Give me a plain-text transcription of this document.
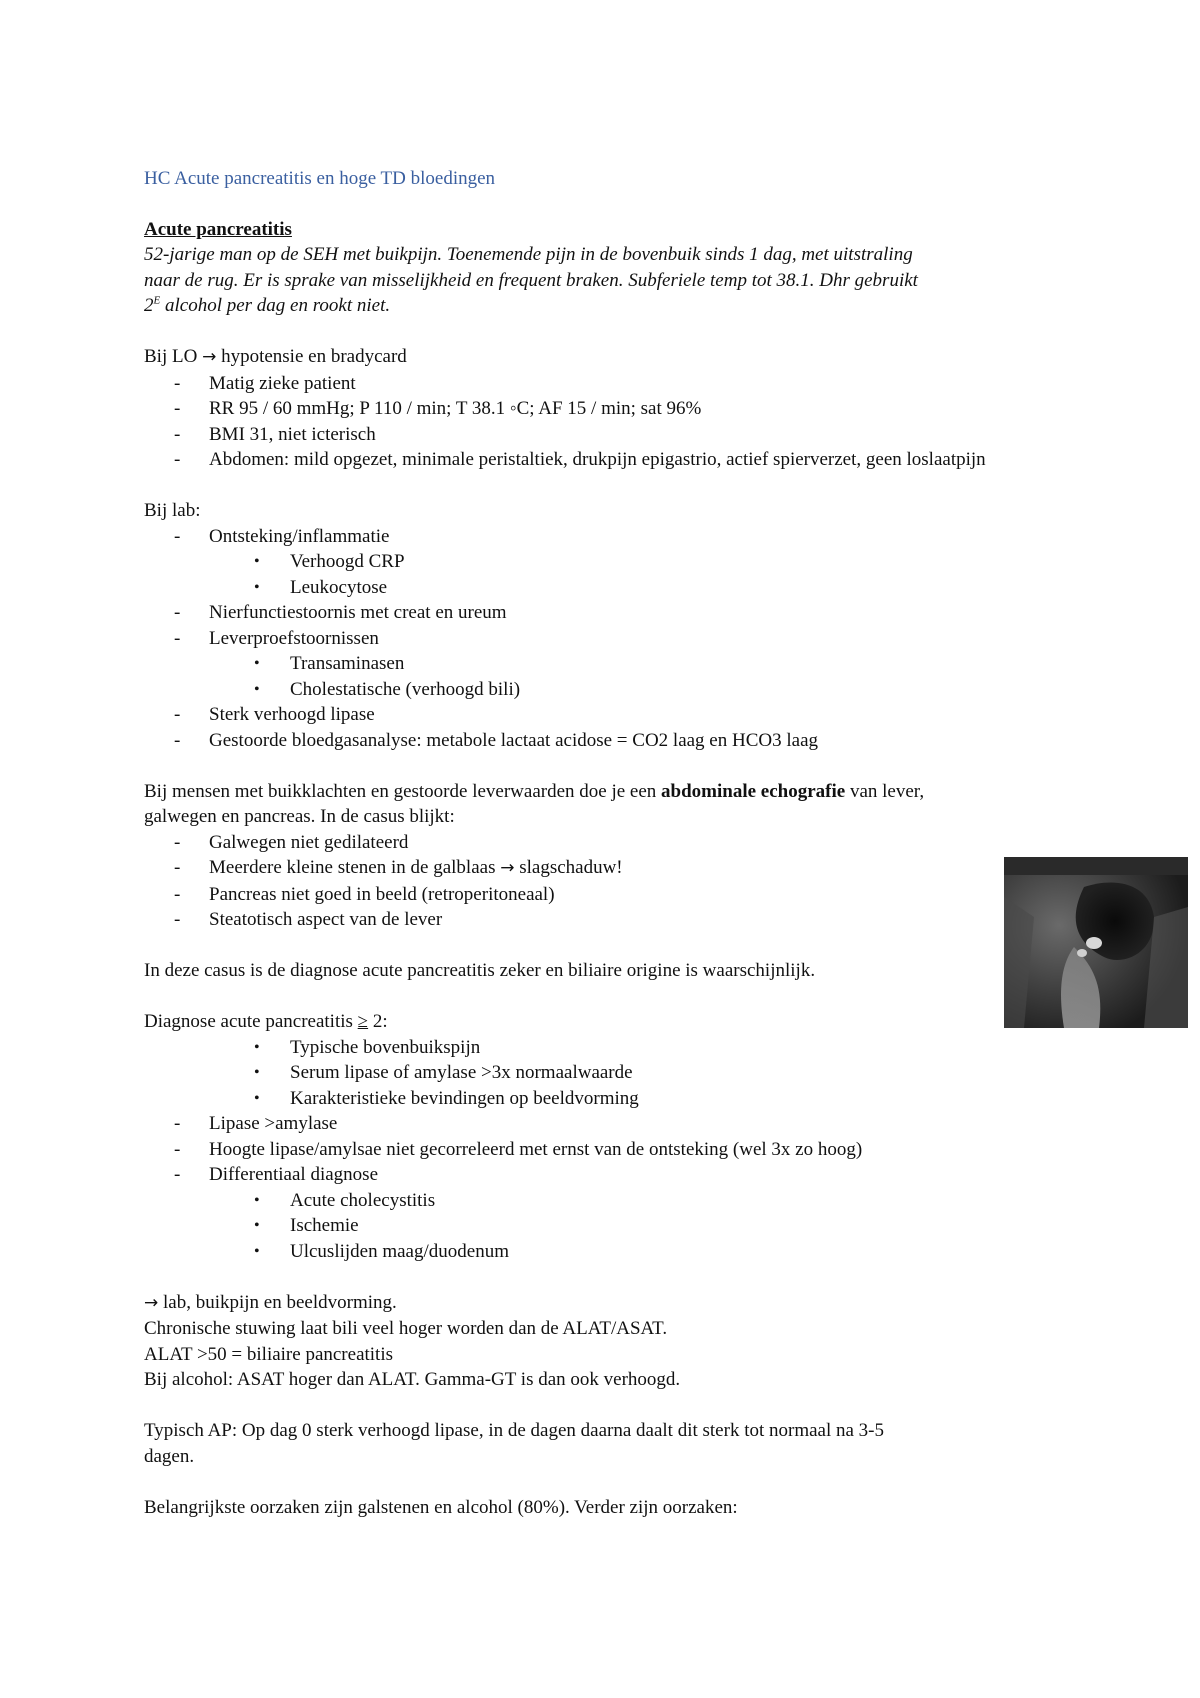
HC Acute pancreatitis en hoge TD bloedingen

Acute pancreatitis

52-jarige man op de SEH met buikpijn. Toenemende pijn in de bovenbuik sinds 1 dag, met uitstraling

naar de rug. Er is sprake van misselijkheid en frequent braken. Subferiele temp tot 38.1. Dhr gebruikt

$2^E$ alcohol per dag en rookt niet.

Bij LO → hypotensie en bradycard

- Matig zieke patient
- RR 95 / 60 mmHg; P 110 / min; T 38.1 ◦C; AF 15 / min; sat 96%
- BMI 31, niet icterisch
- Abdomen: mild opgezet, minimale peristaltiek, drukpijn epigastrio, actief spierverzet, geen loslaatpijn

Bij lab:

- Ontsteking/inflammatie
• Verhoogd CRP
• Leukocytose
- Nierfunctiestoornis met creat en ureum
- Leverproefstoornissen
• Transaminasen
• Cholestatische (verhoogd bili)
- Sterk verhoogd lipase
- Gestoorde bloedgasanalyse: metabole lactaat acidose = CO2 laag en HCO3 laag

Bij mensen met buikklachten en gestoorde leverwaarden doe je een abdominale echografie van lever,

galwegen en pancreas. In de casus blijkt:

- Galwegen niet gedilateerd
- Meerdere kleine stenen in de galblaas → slagschaduw!
- Pancreas niet goed in beeld (retroperitoneaal)
- Steatotisch aspect van de lever

In deze casus is de diagnose acute pancreatitis zeker en biliaire origine is waarschijnlijk.

Diagnose acute pancreatitis ≥ 2:

• Typische bovenbuikspijn
• Serum lipase of amylase >3x normaalwaarde
• Karakteristieke bevindingen op beeldvorming
- Lipase >amylase
- Hoogte lipase/amylsae niet gecorreleerd met ernst van de ontsteking (wel 3x zo hoog)
- Differentiaal diagnose
• Acute cholecystitis
• Ischemie
• Ulcuslijden maag/duodenum

→ lab, buikpijn en beeldvorming.

Chronische stuwing laat bili veel hoger worden dan de ALAT/ASAT.

ALAT >50 = biliaire pancreatitis

Bij alcohol: ASAT hoger dan ALAT. Gamma-GT is dan ook verhoogd.

Typisch AP: Op dag 0 sterk verhoogd lipase, in de dagen daarna daalt dit sterk tot normaal na 3-5

dagen.

Belangrijkste oorzaken zijn galstenen en alcohol (80%). Verder zijn oorzaken:
